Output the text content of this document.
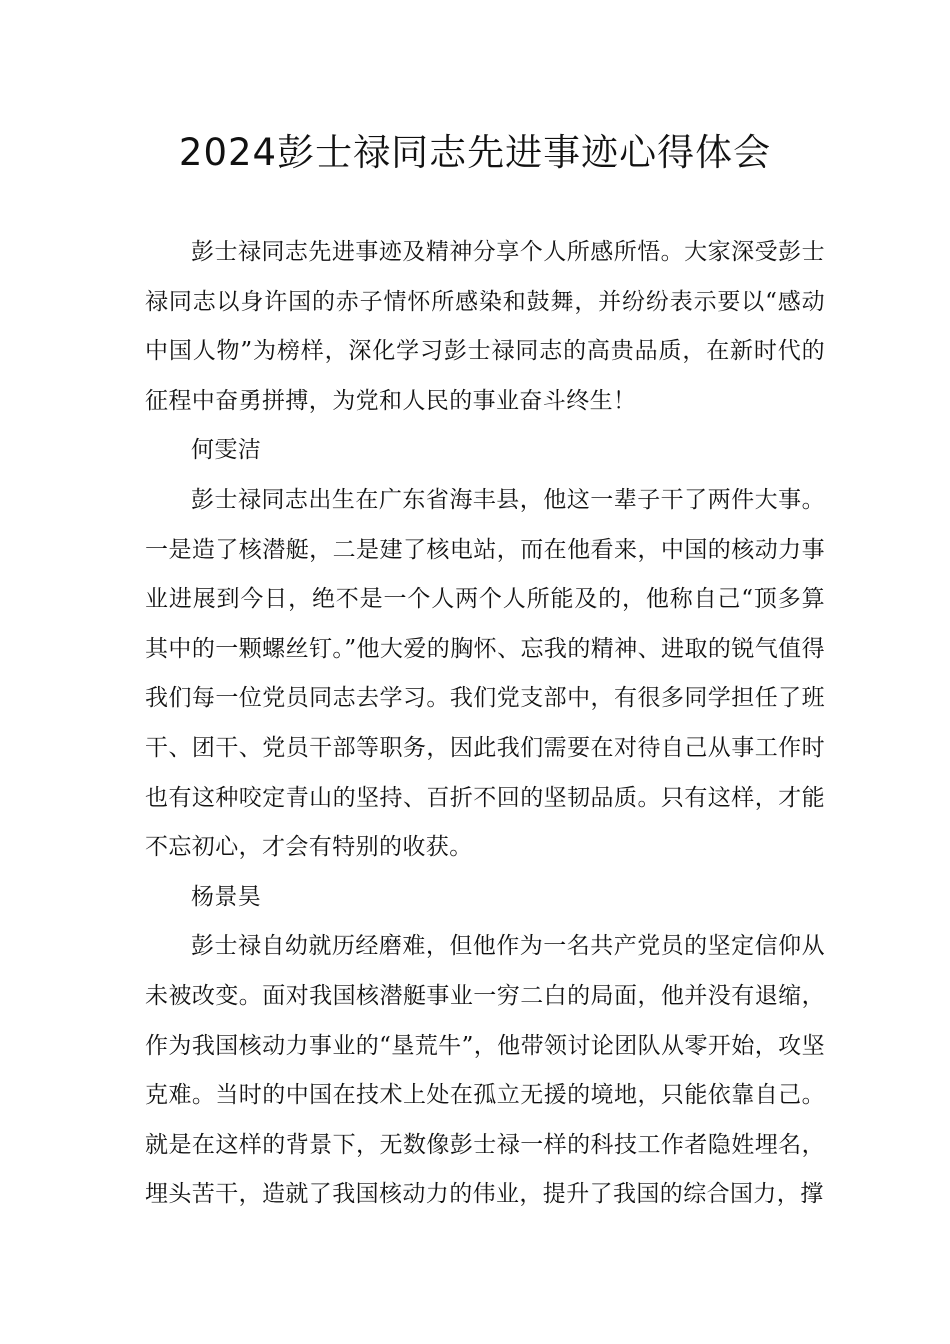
2024彭士禄同志先进事迹心得体会

彭士禄同志先进事迹及精神分享个人所感所悟。大家深受彭士禄同志以身许国的赤子情怀所感染和鼓舞，并纷纷表示要以“感动中国人物”为榜样，深化学习彭士禄同志的高贵品质，在新时代的征程中奋勇拼搏，为党和人民的事业奋斗终生！

何雯洁

彭士禄同志出生在广东省海丰县，他这一辈子干了两件大事。一是造了核潜艇，二是建了核电站，而在他看来，中国的核动力事业进展到今日，绝不是一个人两个人所能及的，他称自己“顶多算其中的一颗螺丝钉。”他大爱的胸怀、忘我的精神、进取的锐气值得我们每一位党员同志去学习。我们党支部中，有很多同学担任了班干、团干、党员干部等职务，因此我们需要在对待自己从事工作时也有这种咬定青山的坚持、百折不回的坚韧品质。只有这样，才能不忘初心，才会有特别的收获。

杨景昊

彭士禄自幼就历经磨难，但他作为一名共产党员的坚定信仰从未被改变。面对我国核潜艇事业一穷二白的局面，他并没有退缩，作为我国核动力事业的“垦荒牛”，他带领讨论团队从零开始，攻坚克难。当时的中国在技术上处在孤立无援的境地，只能依靠自己。就是在这样的背景下，无数像彭士禄一样的科技工作者隐姓埋名，埋头苦干，造就了我国核动力的伟业，提升了我国的综合国力，撑
